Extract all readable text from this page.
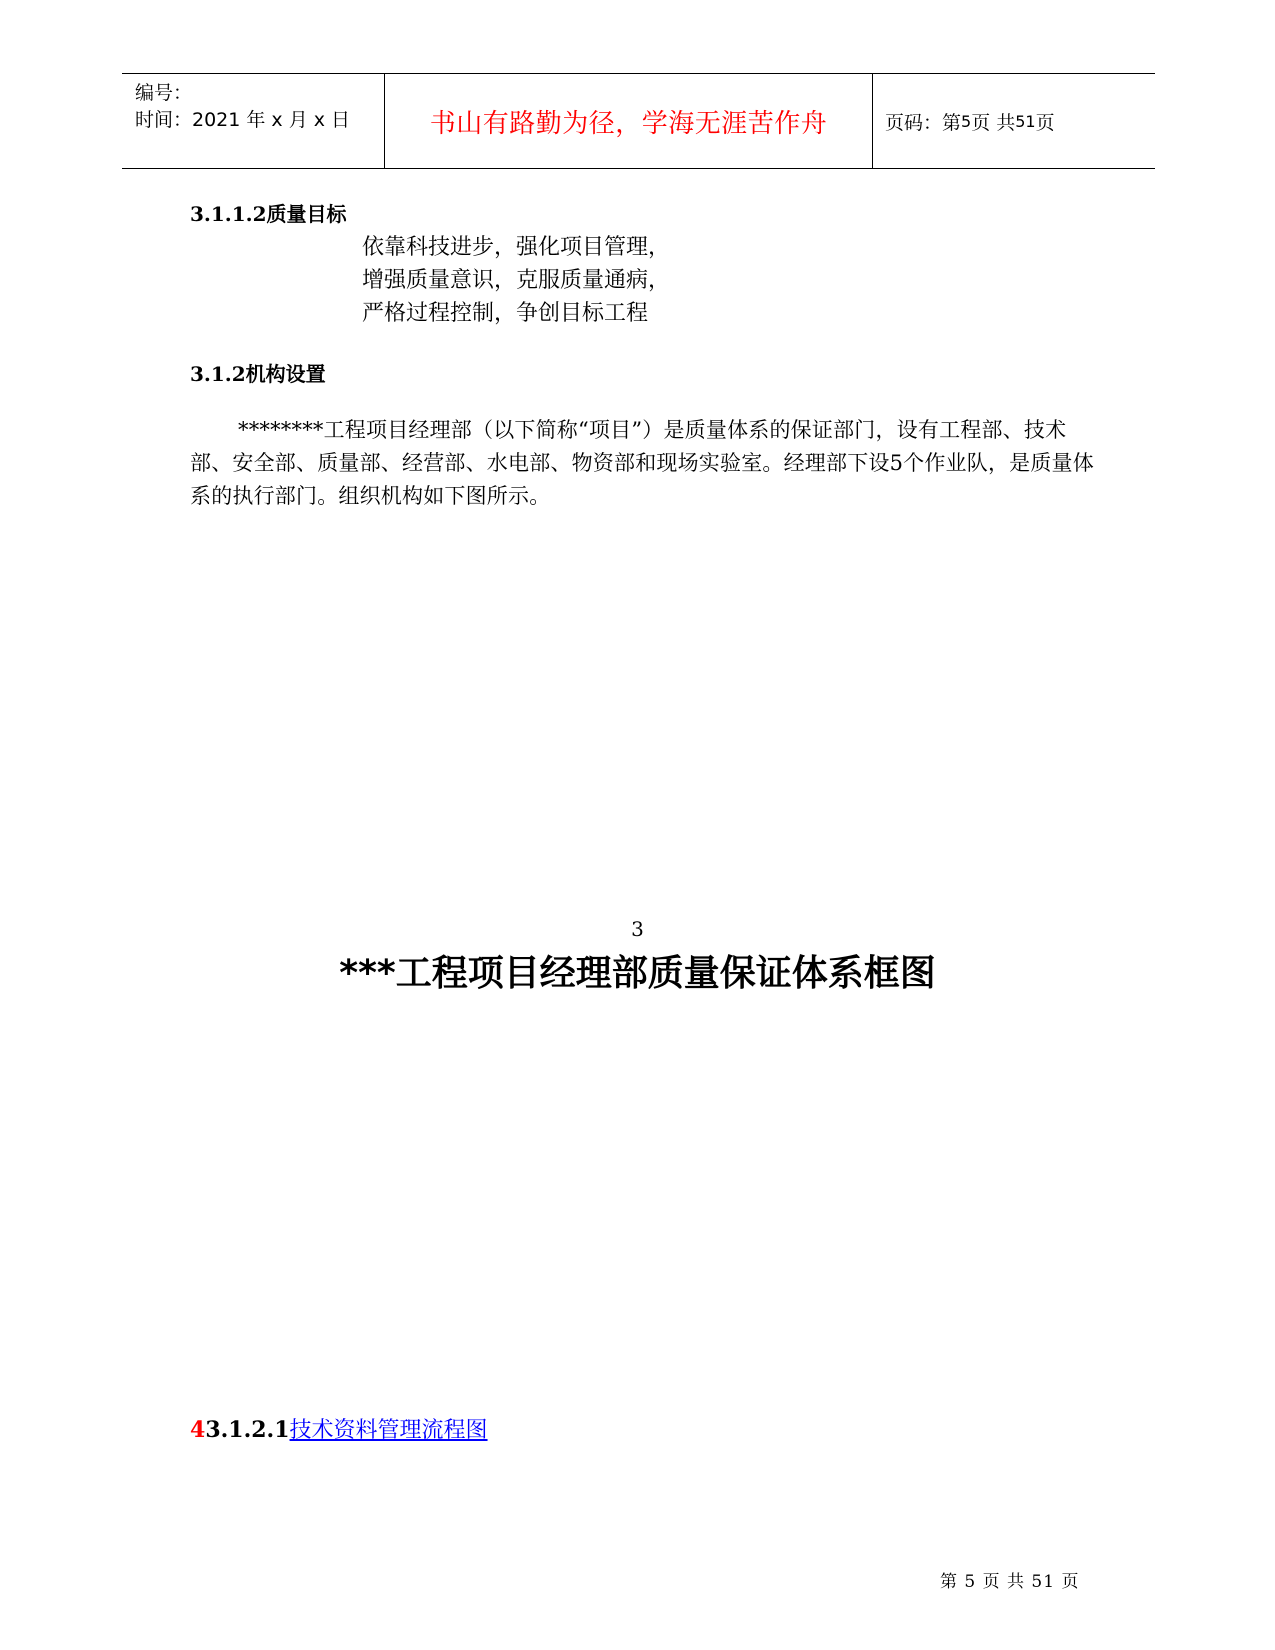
编号：
时间：2021 年 x 月 x 日	书山有路勤为径，学海无涯苦作舟	页码：第 5 页 共 51 页
3.1.1.2质量目标
依靠科技进步，强化项目管理，
增强质量意识，克服质量通病，
严格过程控制，争创目标工程
3.1.2机构设置
********工程项目经理部（以下简称“项目”）是质量体系的保证部门，设有工程部、技术部、安全部、质量部、经营部、水电部、物资部和现场实验室。经理部下设5个作业队，是质量体系的执行部门。组织机构如下图所示。
3
***工程项目经理部质量保证体系框图
43.1.2.1技术资料管理流程图
第 5 页 共 51 页
